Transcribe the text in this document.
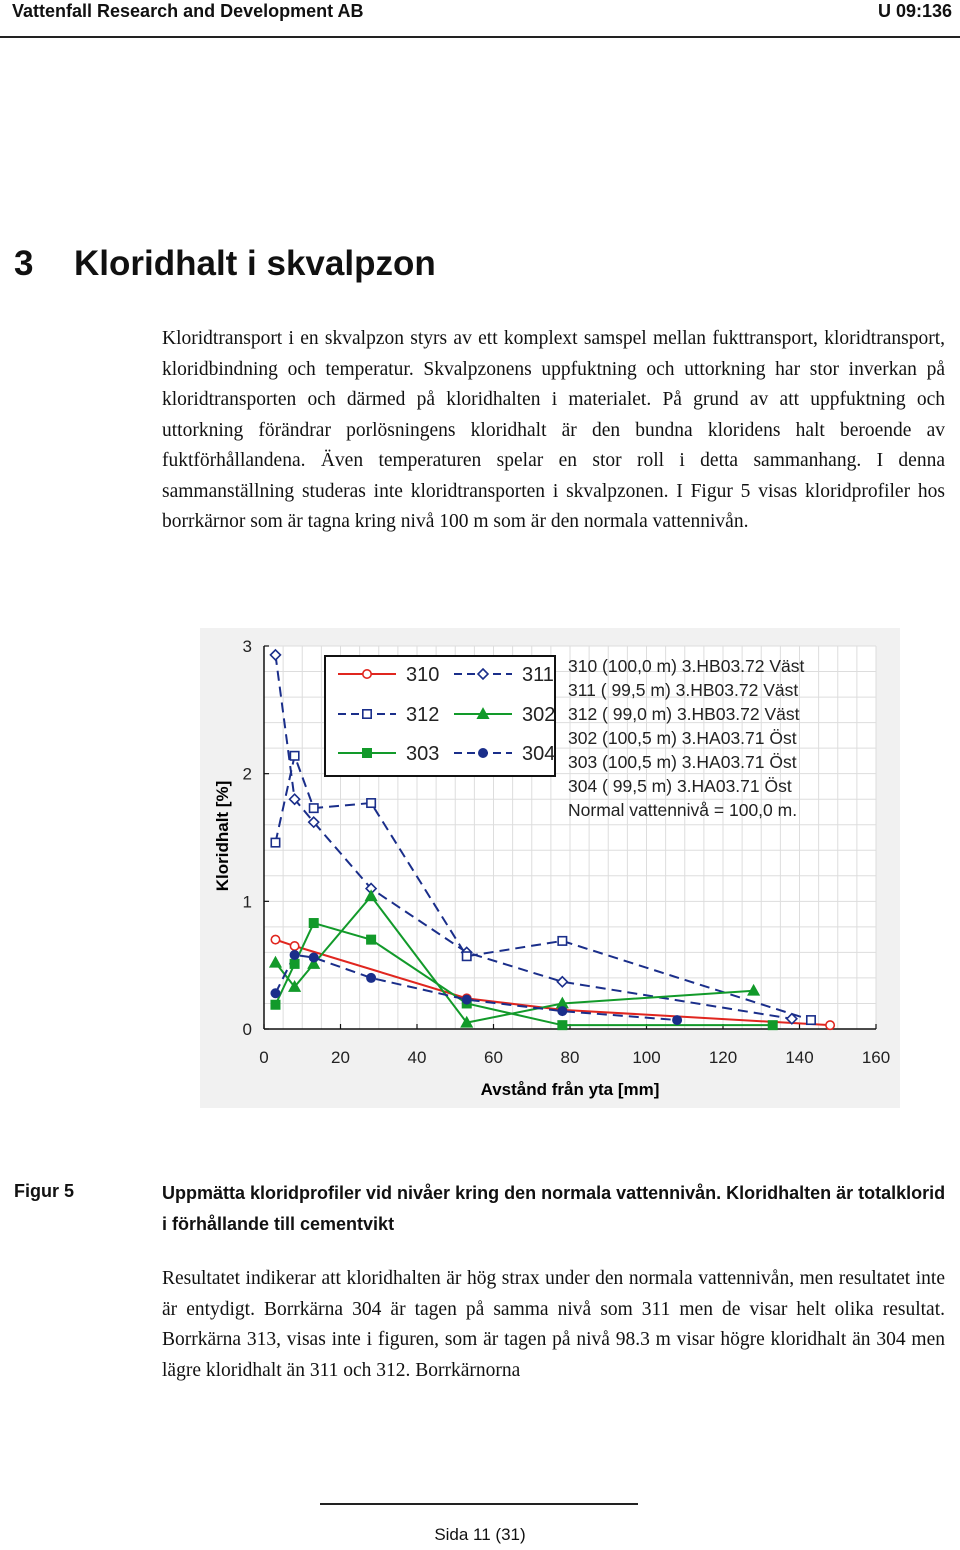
Vattenfall Research and Development AB	U 09:136
3 Kloridhalt i skvalpzon

Kloridtransport i en skvalpzon styrs av ett komplext samspel mellan fukttransport, kloridtransport, kloridbindning och temperatur. Skvalpzonens uppfuktning och uttorkning har stor inverkan på kloridtransporten och därmed på kloridhalten i materialet. På grund av att uppfuktning och uttorkning förändrar porlösningens kloridhalt är den bundna kloridens halt beroende av fuktförhållandena. Även temperaturen spelar en stor roll i detta sammanhang. I denna sammanställning studeras inte kloridtransporten i skvalpzonen. I Figur 5 visas kloridprofiler hos borrkärnor som är tagna kring nivå 100 m som är den normala vattennivån.

0	20	40	60	80	100	120	140	160
0
1
2
3
310	311
312	302
303	304
310 (100,0 m) 3.HB03.72 Väst
311 ( 99,5 m) 3.HB03.72 Väst
312 ( 99,0 m) 3.HB03.72 Väst
302 (100,5 m) 3.HA03.71 Öst
303 (100,5 m) 3.HA03.71 Öst
304 ( 99,5 m) 3.HA03.71 Öst
Normal vattennivå = 100,0 m.
Kloridhalt [%]
Avstånd från yta [mm]
Figur 5	Uppmätta kloridprofiler vid nivåer kring den normala vattennivån. Kloridhalten är totalklorid i förhållande till cementvikt

Resultatet indikerar att kloridhalten är hög strax under den normala vattennivån, men resultatet inte är entydigt. Borrkärna 304 är tagen på samma nivå som 311 men de visar helt olika resultat. Borrkärna 313, visas inte i figuren, som är tagen på nivå 98.3 m visar högre kloridhalt än 304 men lägre kloridhalt än 311 och 312. Borrkärnorna

Sida 11 (31)
